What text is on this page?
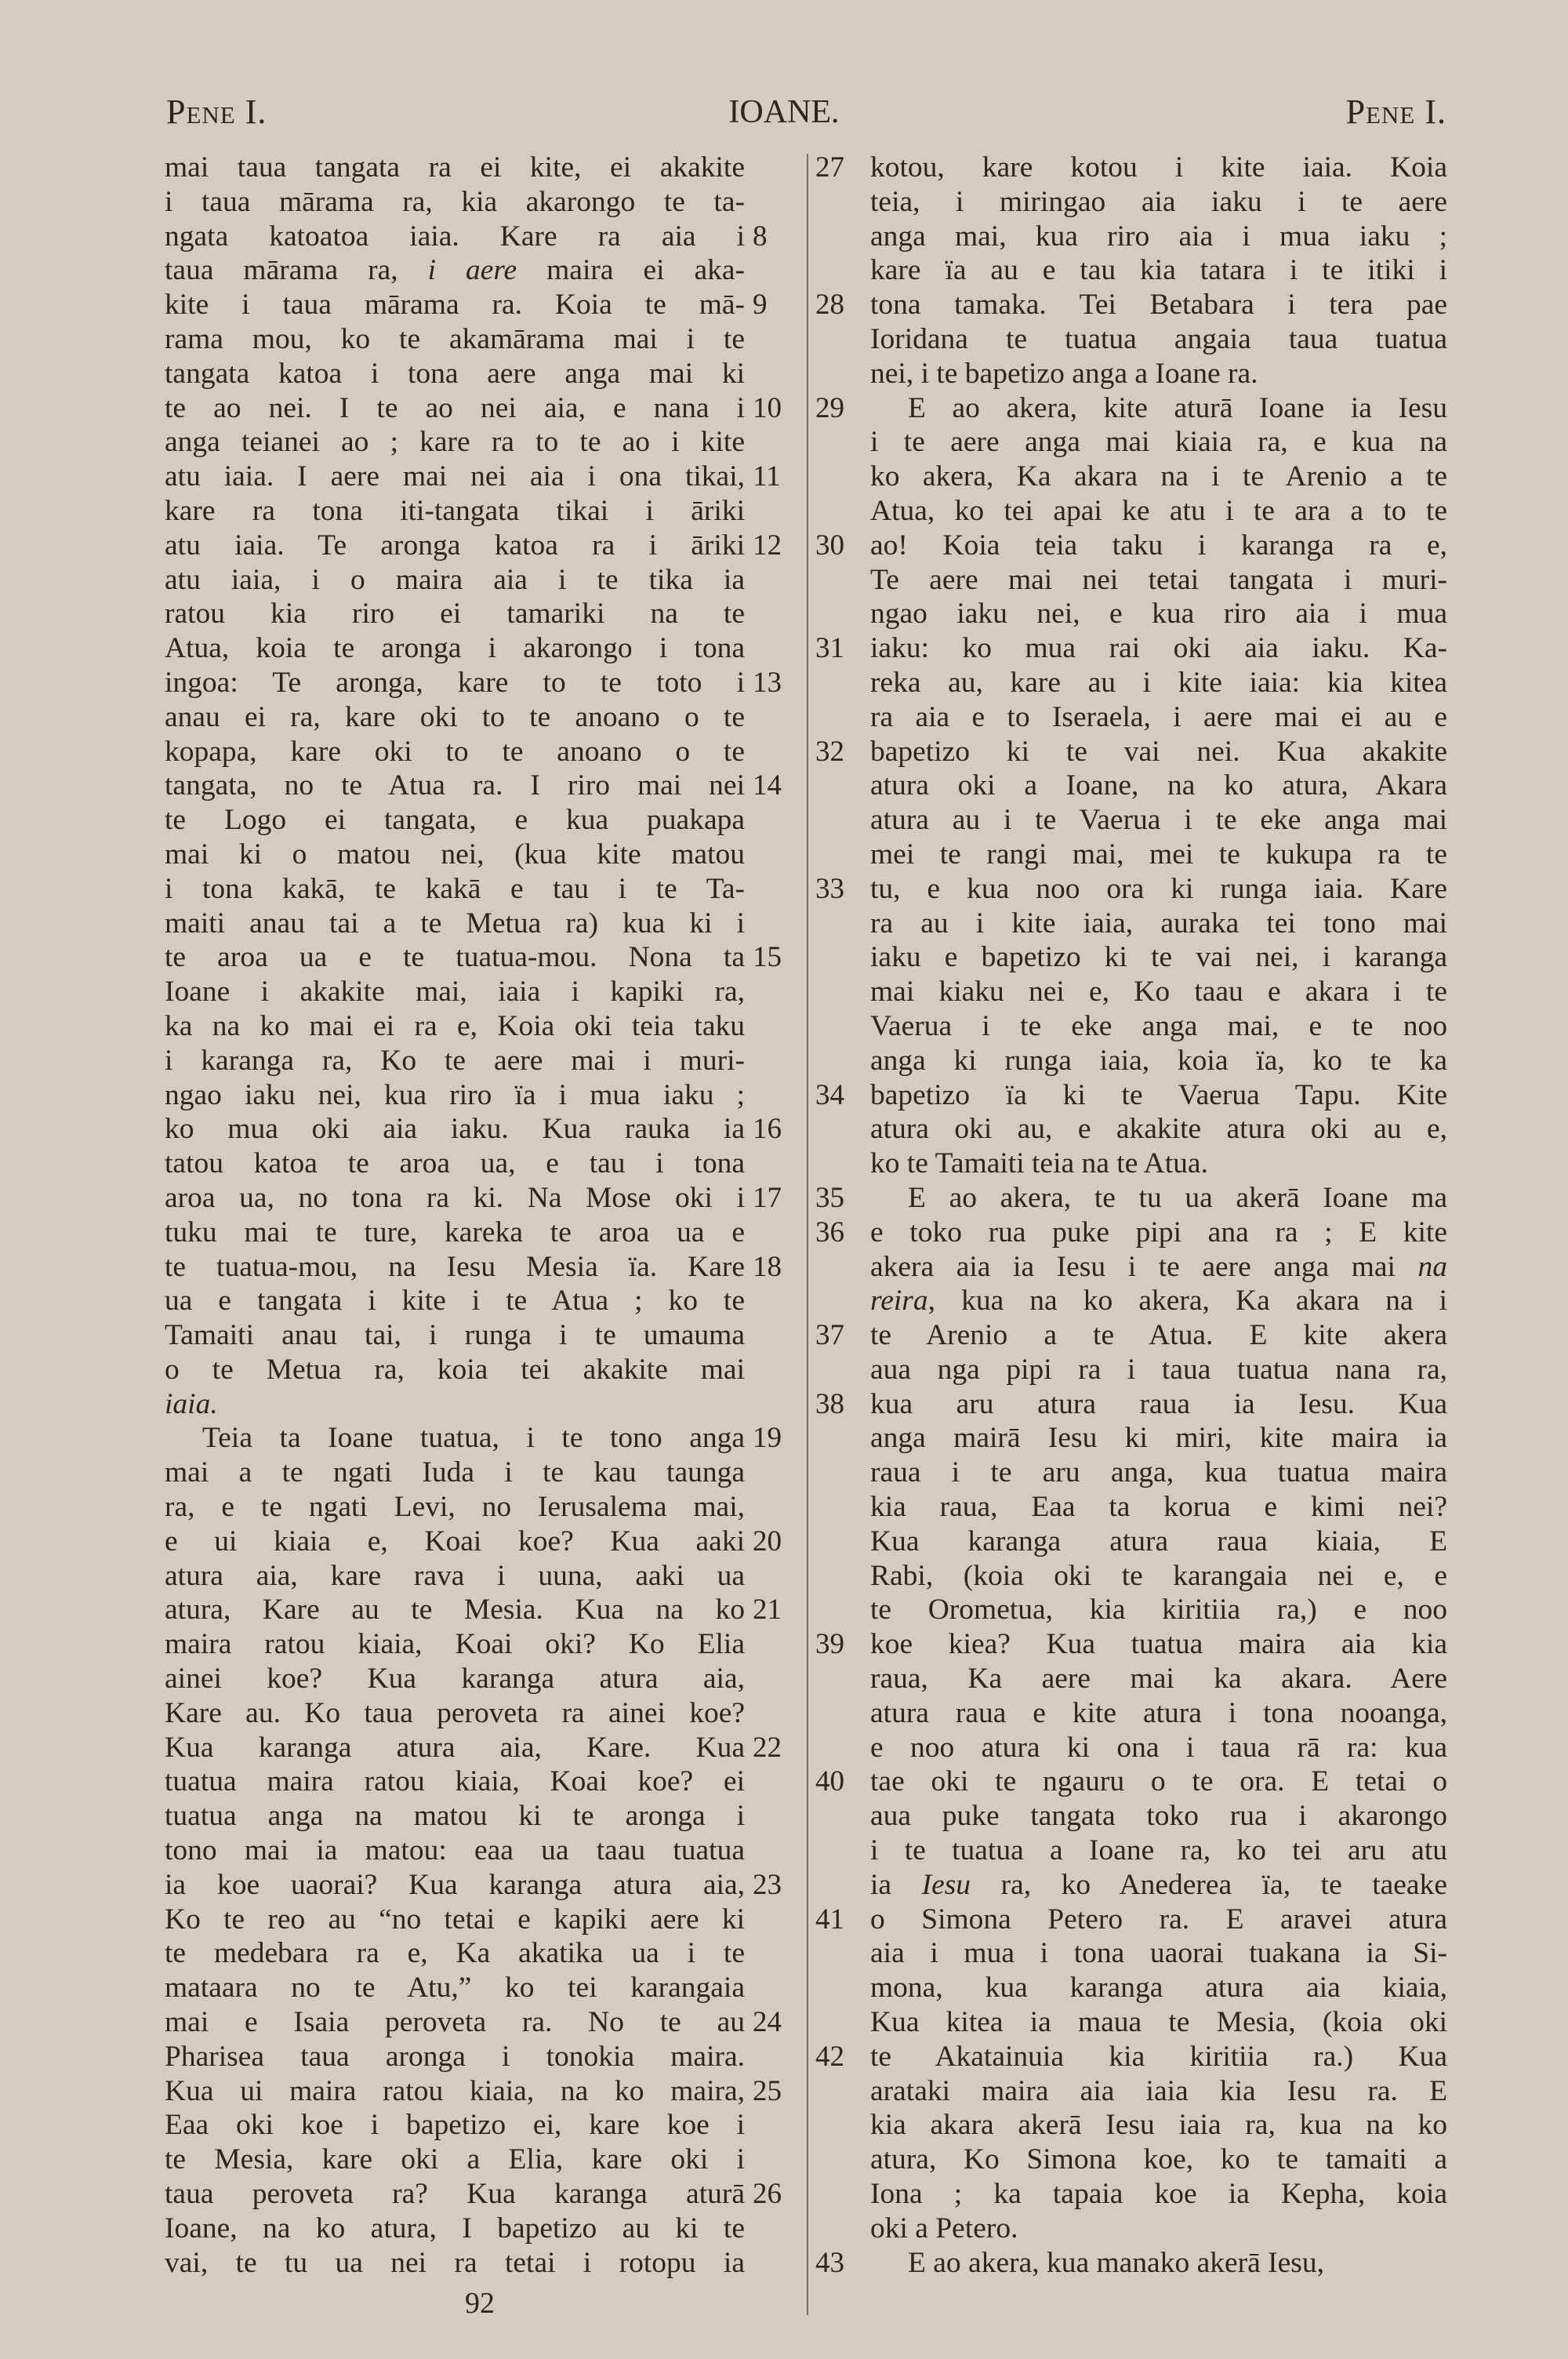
Pene I.	IOANE.	Pene I.
mai taua tangata ra ei kite, ei akakite
i taua mārama ra, kia akarongo te ta-
ngata katoatoa iaia. Kare ra aia i 8
taua mārama ra, i aere maira ei aka-
kite i taua mārama ra. Koia te mā- 9
rama mou, ko te akamārama mai i te
tangata katoa i tona aere anga mai ki
te ao nei. I te ao nei aia, e nana i 10
anga teianei ao ; kare ra to te ao i kite
atu iaia. I aere mai nei aia i ona tikai, 11
kare ra tona iti-tangata tikai i āriki
atu iaia. Te aronga katoa ra i āriki 12
atu iaia, i o maira aia i te tika ia
ratou kia riro ei tamariki na te
Atua, koia te aronga i akarongo i tona
ingoa: Te aronga, kare to te toto i 13
anau ei ra, kare oki to te anoano o te
kopapa, kare oki to te anoano o te
tangata, no te Atua ra. I riro mai nei 14
te Logo ei tangata, e kua puakapa
mai ki o matou nei, (kua kite matou
i tona kakā, te kakā e tau i te Ta-
maiti anau tai a te Metua ra) kua ki i
te aroa ua e te tuatua-mou. Nona ta 15
Ioane i akakite mai, iaia i kapiki ra,
ka na ko mai ei ra e, Koia oki teia taku
i karanga ra, Ko te aere mai i muri-
ngao iaku nei, kua riro ïa i mua iaku ;
ko mua oki aia iaku. Kua rauka ia 16
tatou katoa te aroa ua, e tau i tona
aroa ua, no tona ra ki. Na Mose oki i 17
tuku mai te ture, kareka te aroa ua e
te tuatua-mou, na Iesu Mesia ïa. Kare 18
ua e tangata i kite i te Atua ; ko te
Tamaiti anau tai, i runga i te umauma
o te Metua ra, koia tei akakite mai
iaia.
Teia ta Ioane tuatua, i te tono anga 19
mai a te ngati Iuda i te kau taunga
ra, e te ngati Levi, no Ierusalema mai,
e ui kiaia e, Koai koe? Kua aaki 20
atura aia, kare rava i uuna, aaki ua
atura, Kare au te Mesia. Kua na ko 21
maira ratou kiaia, Koai oki? Ko Elia
ainei koe? Kua karanga atura aia,
Kare au. Ko taua peroveta ra ainei koe?
Kua karanga atura aia, Kare. Kua 22
tuatua maira ratou kiaia, Koai koe? ei
tuatua anga na matou ki te aronga i
tono mai ia matou: eaa ua taau tuatua
ia koe uaorai? Kua karanga atura aia, 23
Ko te reo au “no tetai e kapiki aere ki
te medebara ra e, Ka akatika ua i te
mataara no te Atu,” ko tei karangaia
mai e Isaia peroveta ra. No te au 24
Pharisea taua aronga i tonokia maira.
Kua ui maira ratou kiaia, na ko maira, 25
Eaa oki koe i bapetizo ei, kare koe i
te Mesia, kare oki a Elia, kare oki i
taua peroveta ra? Kua karanga aturā 26
Ioane, na ko atura, I bapetizo au ki te
vai, te tu ua nei ra tetai i rotopu ia
kotou, kare kotou i kite iaia. Koia
27
teia, i miringao aia iaku i te aere
anga mai, kua riro aia i mua iaku ;
kare ïa au e tau kia tatara i te itiki i
tona tamaka. Tei Betabara i tera pae
28
Ioridana te tuatua angaia taua tuatua
nei, i te bapetizo anga a Ioane ra.
E ao akera, kite aturā Ioane ia Iesu
29
i te aere anga mai kiaia ra, e kua na
ko akera, Ka akara na i te Arenio a te
Atua, ko tei apai ke atu i te ara a to te
ao! Koia teia taku i karanga ra e,
30
Te aere mai nei tetai tangata i muri-
ngao iaku nei, e kua riro aia i mua
iaku: ko mua rai oki aia iaku. Ka-
31
reka au, kare au i kite iaia: kia kitea
ra aia e to Iseraela, i aere mai ei au e
bapetizo ki te vai nei. Kua akakite
32
atura oki a Ioane, na ko atura, Akara
atura au i te Vaerua i te eke anga mai
mei te rangi mai, mei te kukupa ra te
tu, e kua noo ora ki runga iaia. Kare
33
ra au i kite iaia, auraka tei tono mai
iaku e bapetizo ki te vai nei, i karanga
mai kiaku nei e, Ko taau e akara i te
Vaerua i te eke anga mai, e te noo
anga ki runga iaia, koia ïa, ko te ka
bapetizo ïa ki te Vaerua Tapu. Kite
34
atura oki au, e akakite atura oki au e,
ko te Tamaiti teia na te Atua.
E ao akera, te tu ua akerā Ioane ma
35
e toko rua puke pipi ana ra ; E kite
36
akera aia ia Iesu i te aere anga mai na
reira, kua na ko akera, Ka akara na i
te Arenio a te Atua. E kite akera
37
aua nga pipi ra i taua tuatua nana ra,
kua aru atura raua ia Iesu. Kua
38
anga mairā Iesu ki miri, kite maira ia
raua i te aru anga, kua tuatua maira
kia raua, Eaa ta korua e kimi nei?
Kua karanga atura raua kiaia, E
Rabi, (koia oki te karangaia nei e, e
te Orometua, kia kiritiia ra,) e noo
koe kiea? Kua tuatua maira aia kia
39
raua, Ka aere mai ka akara. Aere
atura raua e kite atura i tona nooanga,
e noo atura ki ona i taua rā ra: kua
tae oki te ngauru o te ora. E tetai o
40
aua puke tangata toko rua i akarongo
i te tuatua a Ioane ra, ko tei aru atu
ia Iesu ra, ko Anederea ïa, te taeake
o Simona Petero ra. E aravei atura
41
aia i mua i tona uaorai tuakana ia Si-
mona, kua karanga atura aia kiaia,
Kua kitea ia maua te Mesia, (koia oki
te Akatainuia kia kiritiia ra.) Kua
42
arataki maira aia iaia kia Iesu ra. E
kia akara akerā Iesu iaia ra, kua na ko
atura, Ko Simona koe, ko te tamaiti a
Iona ; ka tapaia koe ia Kepha, koia
oki a Petero.
E ao akera, kua manako akerā Iesu,
43
92
